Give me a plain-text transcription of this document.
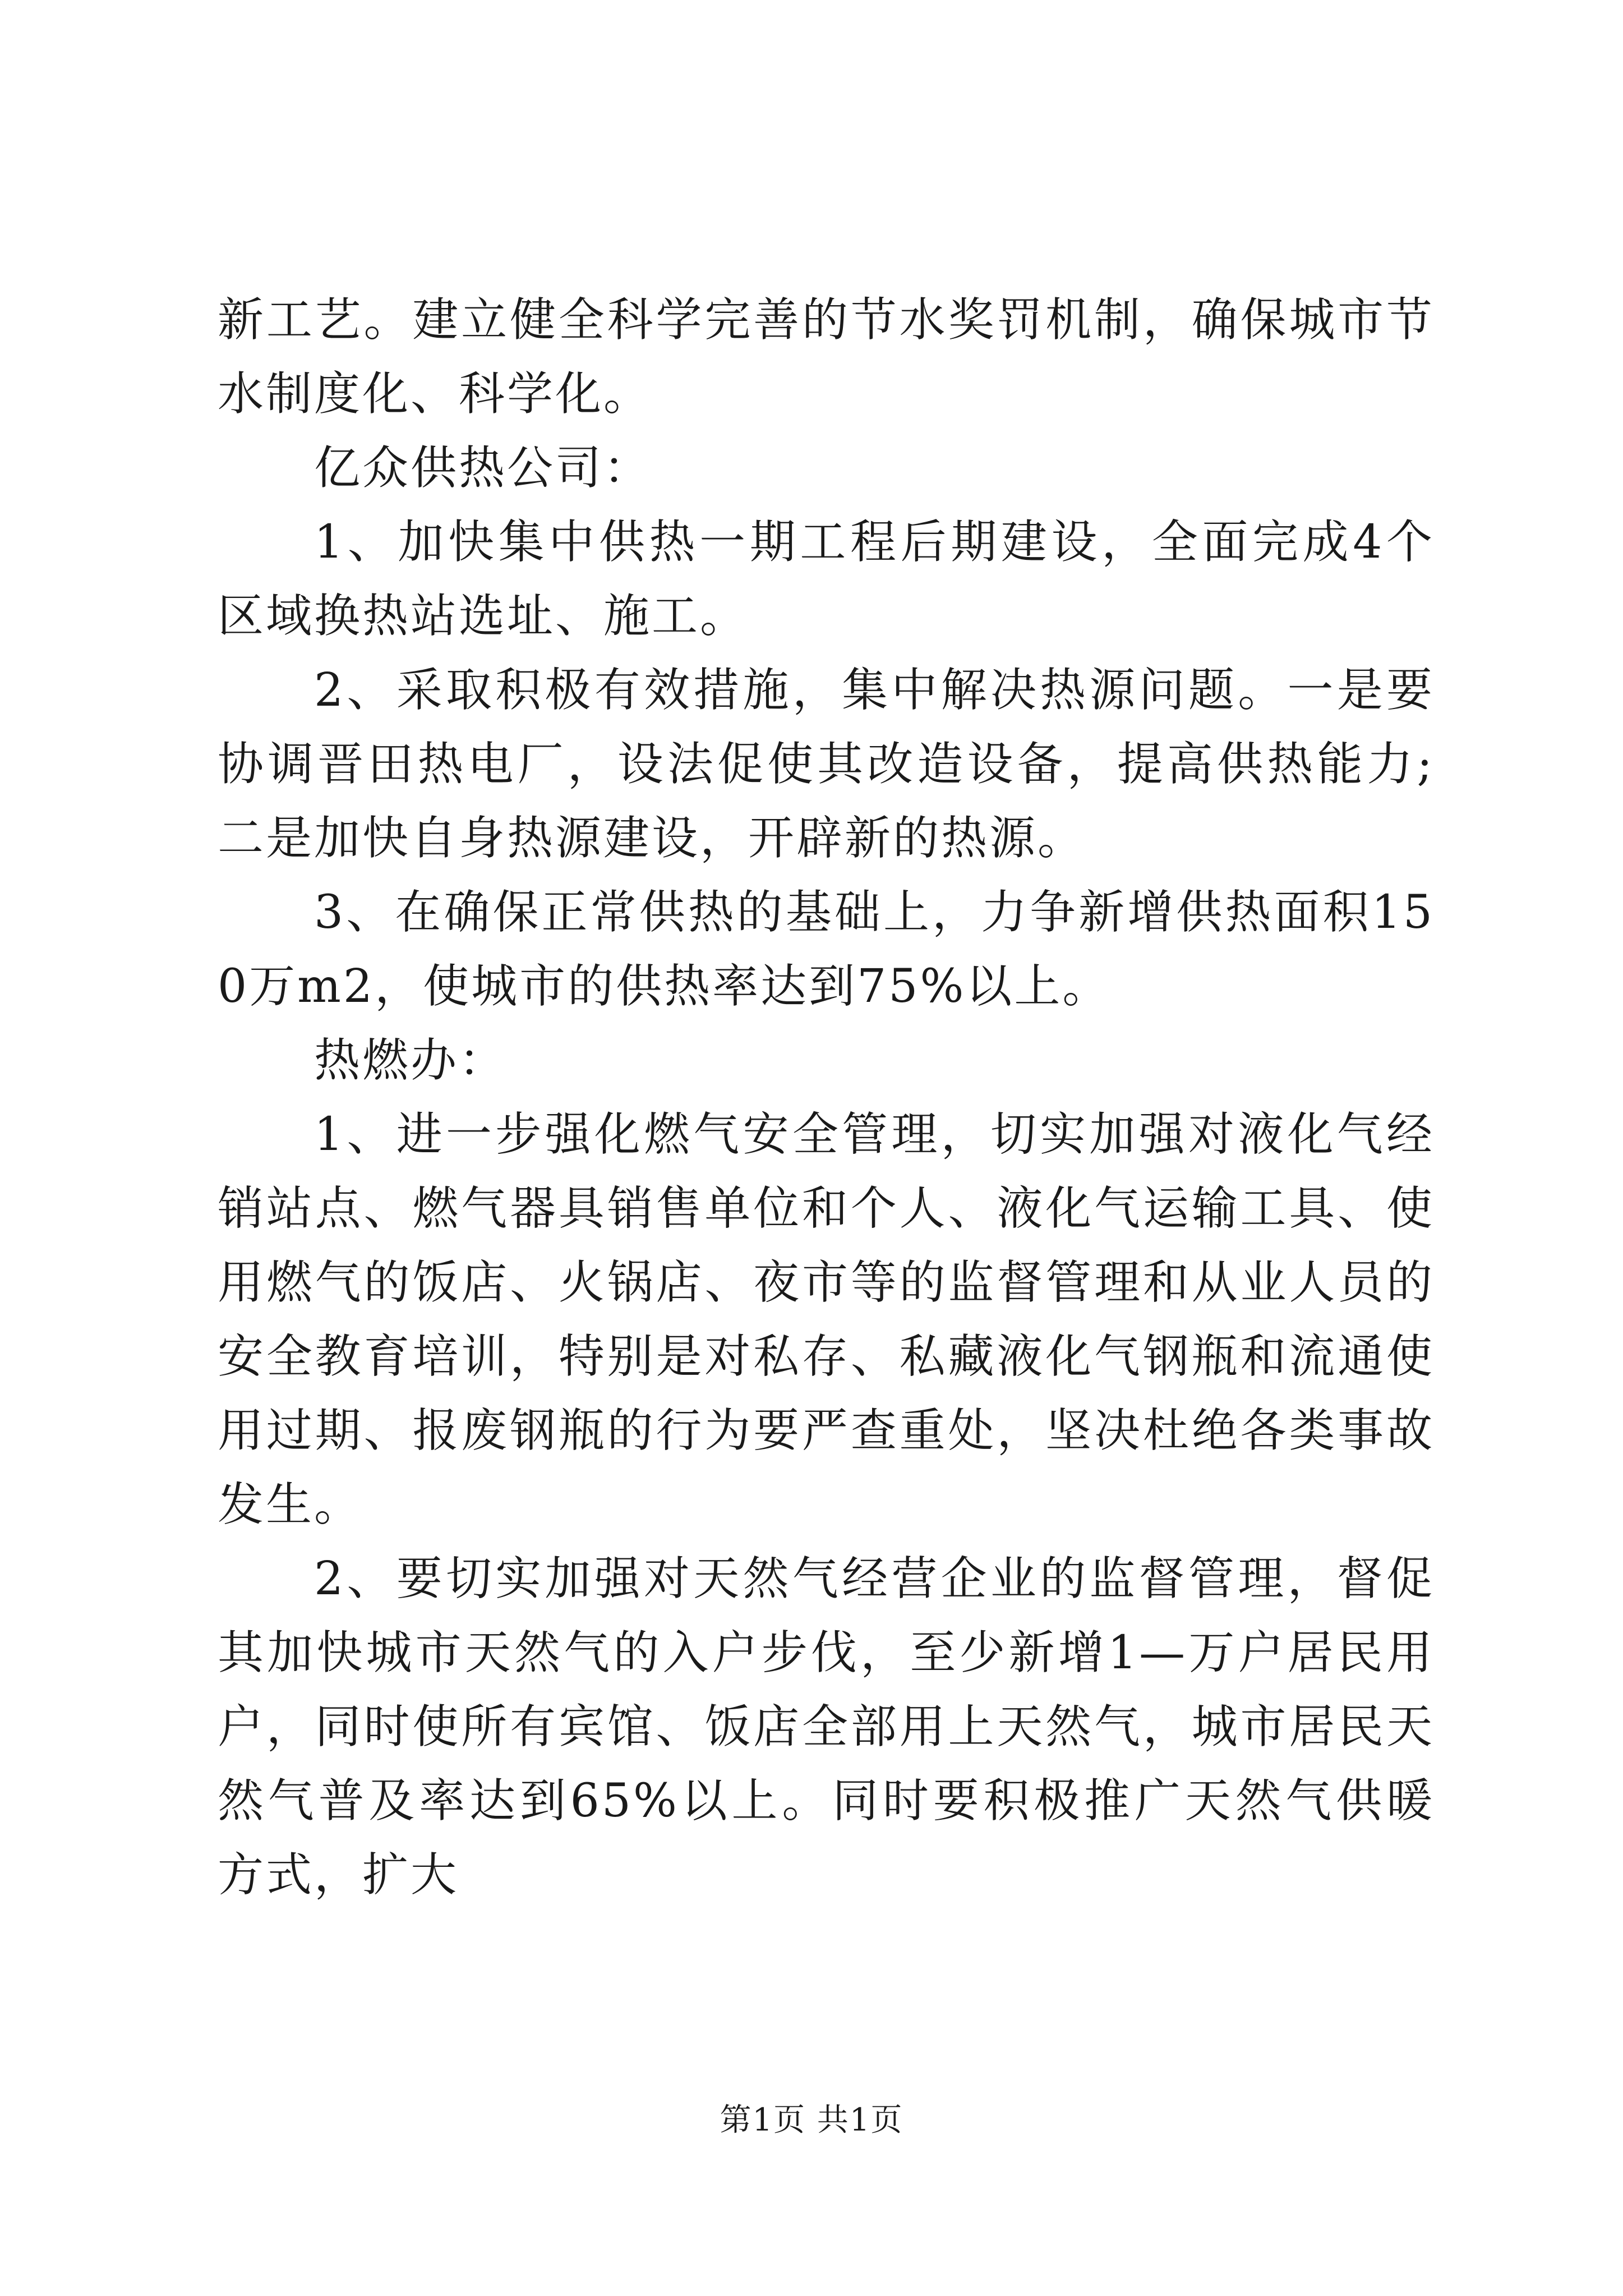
新工艺。建立健全科学完善的节水奖罚机制，确保城市节水制度化、科学化。

亿众供热公司：

1、加快集中供热一期工程后期建设，全面完成4个区域换热站选址、施工。

2、采取积极有效措施，集中解决热源问题。一是要协调晋田热电厂，设法促使其改造设备，提高供热能力;二是加快自身热源建设，开辟新的热源。

3、在确保正常供热的基础上，力争新增供热面积150万m2，使城市的供热率达到75%以上。

热燃办：

1、进一步强化燃气安全管理，切实加强对液化气经销站点、燃气器具销售单位和个人、液化气运输工具、使用燃气的饭店、火锅店、夜市等的监督管理和从业人员的安全教育培训，特别是对私存、私藏液化气钢瓶和流通使用过期、报废钢瓶的行为要严查重处，坚决杜绝各类事故发生。

2、要切实加强对天然气经营企业的监督管理，督促其加快城市天然气的入户步伐，至少新增1—万户居民用户，同时使所有宾馆、饭店全部用上天然气，城市居民天然气普及率达到65%以上。同时要积极推广天然气供暖方式，扩大

第1页 共1页
